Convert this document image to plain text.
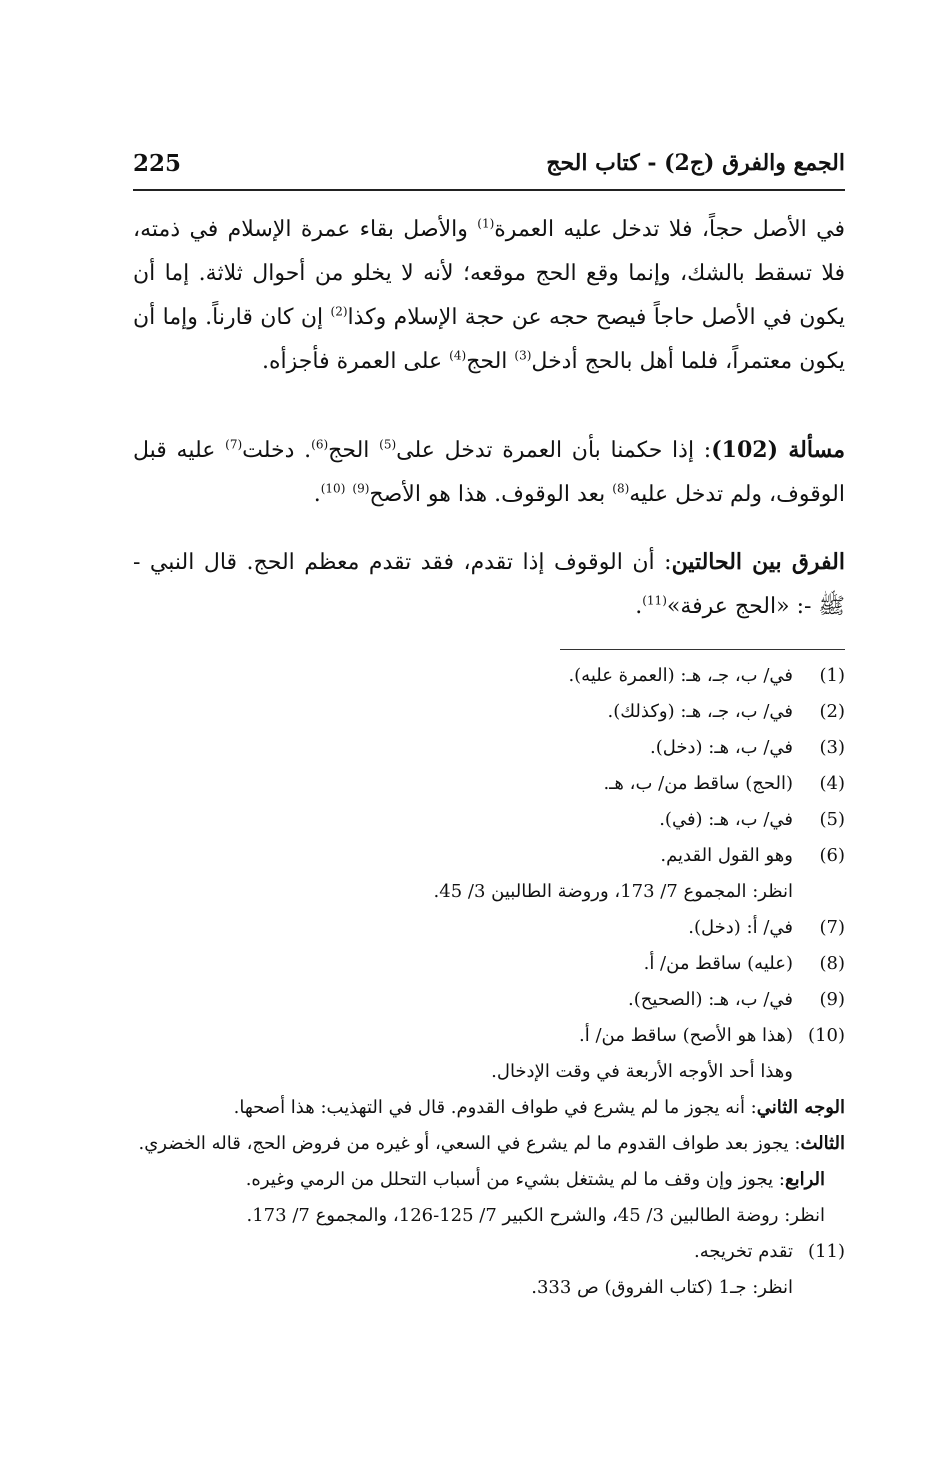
225	الجمع والفرق (ج2) - كتاب الحج
في الأصل حجاً، فلا تدخل عليه العمرة$^{(1)}$ والأصل بقاء عمرة الإسلام في ذمته، فلا تسقط بالشك، وإنما وقع الحج موقعه؛ لأنه لا يخلو من أحوال ثلاثة. إما أن يكون في الأصل حاجاً فيصح حجه عن حجة الإسلام وكذا$^{(2)}$ إن كان قارناً. وإما أن يكون معتمراً، فلما أهل بالحج أدخل$^{(3)}$ الحج$^{(4)}$ على العمرة فأجزأه.
مسألة (102): إذا حكمنا بأن العمرة تدخل على$^{(5)}$ الحج$^{(6)}$. دخلت$^{(7)}$ عليه قبل الوقوف، ولم تدخل عليه$^{(8)}$ بعد الوقوف. هذا هو الأصح$^{(9)}$ $^{(10)}$.
الفرق بين الحالتين: أن الوقوف إذا تقدم، فقد تقدم معظم الحج. قال النبي - ﷺ -: «الحج عرفة»$^{(11)}$.
(1)
في/ ب، جـ، هـ: (العمرة عليه).
(2)
في/ ب، جـ، هـ: (وكذلك).
(3)
في/ ب، هـ: (دخل).
(4)
(الحج) ساقط من/ ب، هـ.
(5)
في/ ب، هـ: (في).
(6)
وهو القول القديم.
انظر: المجموع 7/ 173، وروضة الطالبين 3/ 45.
(7)
في/ أ: (دخل).
(8)
(عليه) ساقط من/ أ.
(9)
في/ ب، هـ: (الصحيح).
(10)
(هذا هو الأصح) ساقط من/ أ.
وهذا أحد الأوجه الأربعة في وقت الإدخال.
الوجه الثاني: أنه يجوز ما لم يشرع في طواف القدوم. قال في التهذيب: هذا أصحها.
الثالث: يجوز بعد طواف القدوم ما لم يشرع في السعي، أو غيره من فروض الحج، قاله الخضري.
الرابع: يجوز وإن وقف ما لم يشتغل بشيء من أسباب التحلل من الرمي وغيره.
انظر: روضة الطالبين 3/ 45، والشرح الكبير 7/ 125-126، والمجموع 7/ 173.
(11)
تقدم تخريجه.
انظر: جـ1 (كتاب الفروق) ص 333.
